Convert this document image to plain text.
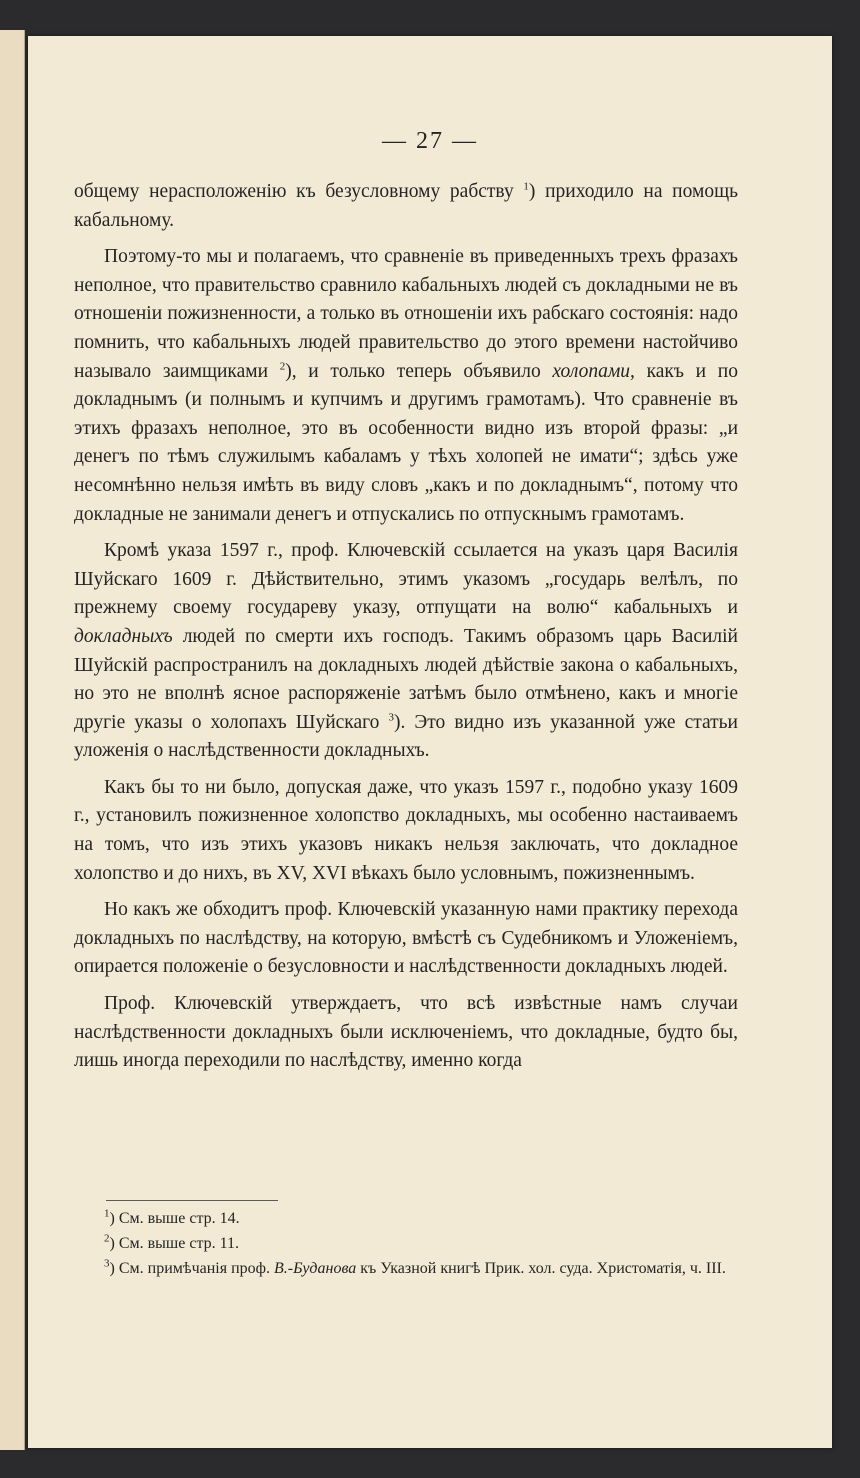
— 27 —

общему нерасположенію къ безусловному рабству $^1$) приходило на помощь кабальному.

Поэтому-то мы и полагаемъ, что сравненіе въ приведенныхъ трехъ фразахъ неполное, что правительство сравнило кабальныхъ людей съ докладными не въ отношеніи пожизненности, а только въ отношеніи ихъ рабскаго состоянія: надо помнить, что кабальныхъ людей правительство до этого времени настойчиво называло заимщиками $^2$), и только теперь объявило холопами, какъ и по докладнымъ (и полнымъ и купчимъ и другимъ грамотамъ). Что сравненіе въ этихъ фразахъ неполное, это въ особенности видно изъ второй фразы: „и денегъ по тѣмъ служилымъ кабаламъ у тѣхъ холопей не имати“; здѣсь уже несомнѣнно нельзя имѣть въ виду словъ „какъ и по докладнымъ“, потому что докладные не занимали денегъ и отпускались по отпускнымъ грамотамъ.

Кромѣ указа 1597 г., проф. Ключевскій ссылается на указъ царя Василія Шуйскаго 1609 г. Дѣйствительно, этимъ указомъ „государь велѣлъ, по прежнему своему государеву указу, отпущати на волю“ кабальныхъ и докладныхъ людей по смерти ихъ господъ. Такимъ образомъ царь Василій Шуйскій распространилъ на докладныхъ людей дѣйствіе закона о кабальныхъ, но это не вполнѣ ясное распоряженіе затѣмъ было отмѣнено, какъ и многіе другіе указы о холопахъ Шуйскаго $^3$). Это видно изъ указанной уже статьи уложенія о наслѣдственности докладныхъ.

Какъ бы то ни было, допуская даже, что указъ 1597 г., подобно указу 1609 г., установилъ пожизненное холопство докладныхъ, мы особенно настаиваемъ на томъ, что изъ этихъ указовъ никакъ нельзя заключать, что докладное холопство и до нихъ, въ XV, XVI вѣкахъ было условнымъ, пожизненнымъ.

Но какъ же обходитъ проф. Ключевскій указанную нами практику перехода докладныхъ по наслѣдству, на которую, вмѣстѣ съ Судебникомъ и Уложеніемъ, опирается положеніе о безусловности и наслѣдственности докладныхъ людей.

Проф. Ключевскій утверждаетъ, что всѣ извѣстные намъ случаи наслѣдственности докладныхъ были исключеніемъ, что докладные, будто бы, лишь иногда переходили по наслѣдству, именно когда

$^1$) См. выше стр. 14.

$^2$) См. выше стр. 11.

$^3$) См. примѣчанія проф. В.-Буданова къ Указной книгѣ Прик. хол. суда. Христоматія, ч. III.
